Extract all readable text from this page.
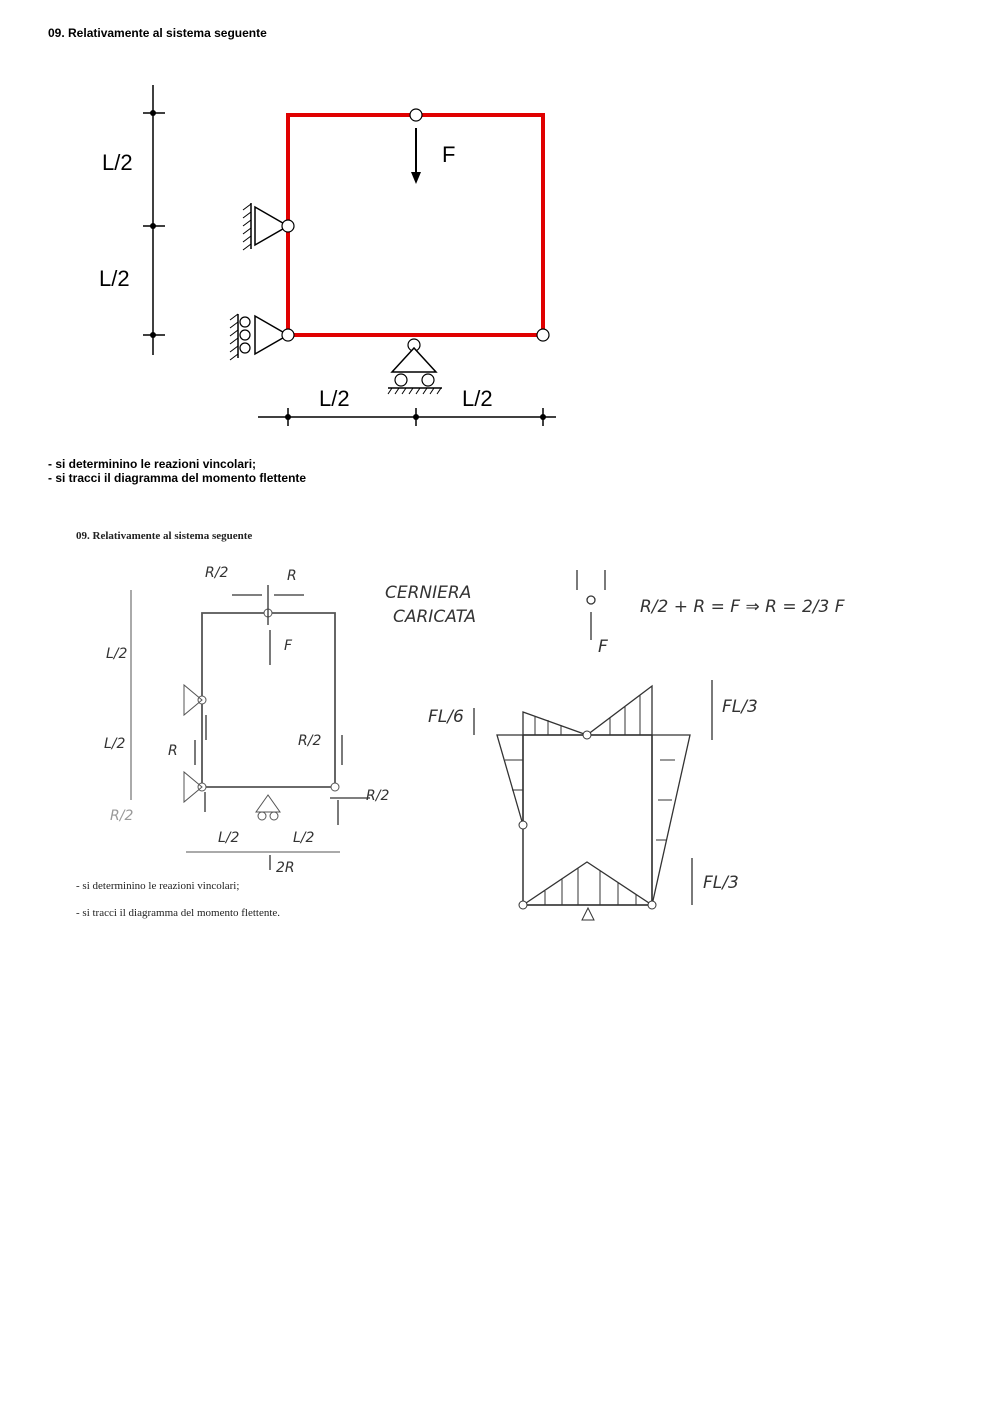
09. Relativamente al sistema seguente
L/2
L/2
F
L/2	L/2
- si determinino le reazioni vincolari;
- si tracci il diagramma del momento flettente
09. Relativamente al sistema seguente
L/2
L/2
L/2	L/2
R/2	R
F
2R
R/2
R/2
R
R/2
- si determinino le reazioni vincolari;
- si tracci il diagramma del momento flettente.
CERNIERA
CARICATA
F
R/2 + R = F ⇒ R = 2/3 F
FL/6	FL/3
FL/3
